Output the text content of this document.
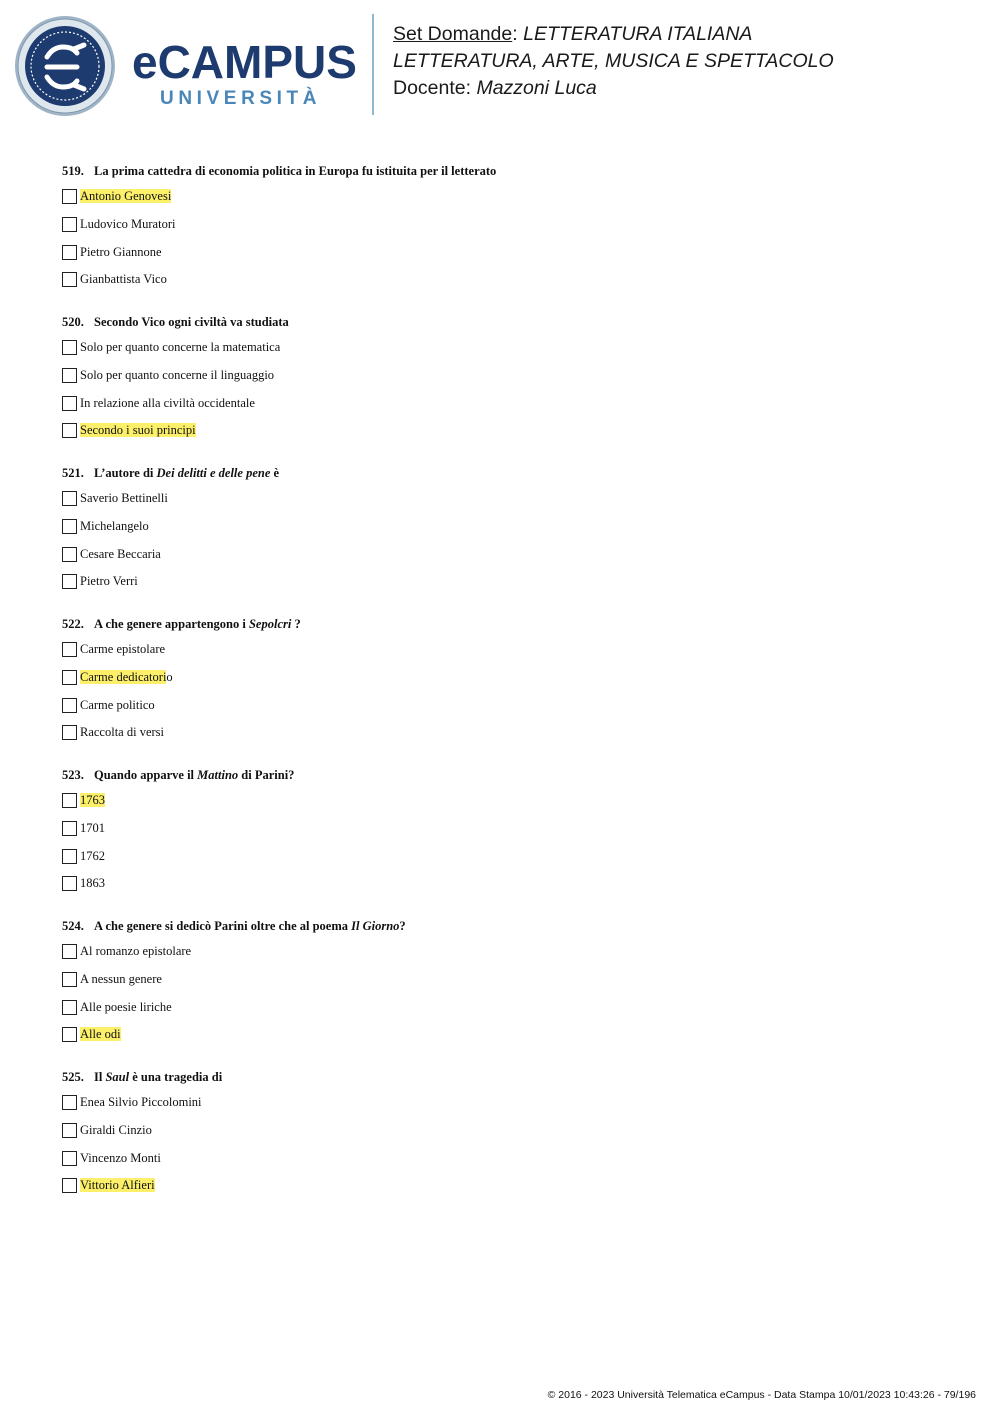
eCAMPUS
UNIVERSITÀ
Set Domande: LETTERATURA ITALIANA
LETTERATURA, ARTE, MUSICA E SPETTACOLO
Docente: Mazzoni Luca
519. La prima cattedra di economia politica in Europa fu istituita per il letterato
Antonio Genovesi
Ludovico Muratori
Pietro Giannone
Gianbattista Vico
520. Secondo Vico ogni civiltà va studiata
Solo per quanto concerne la matematica
Solo per quanto concerne il linguaggio
In relazione alla civiltà occidentale
Secondo i suoi principi
521. L’autore di Dei delitti e delle pene è
Saverio Bettinelli
Michelangelo
Cesare Beccaria
Pietro Verri
522. A che genere appartengono i Sepolcri ?
Carme epistolare
Carme dedicatorio
Carme politico
Raccolta di versi
523. Quando apparve il Mattino di Parini?
1763
1701
1762
1863
524. A che genere si dedicò Parini oltre che al poema Il Giorno?
Al romanzo epistolare
A nessun genere
Alle poesie liriche
Alle odi
525. Il Saul è una tragedia di
Enea Silvio Piccolomini
Giraldi Cinzio
Vincenzo Monti
Vittorio Alfieri
© 2016 - 2023 Università Telematica eCampus - Data Stampa 10/01/2023 10:43:26 - 79/196
